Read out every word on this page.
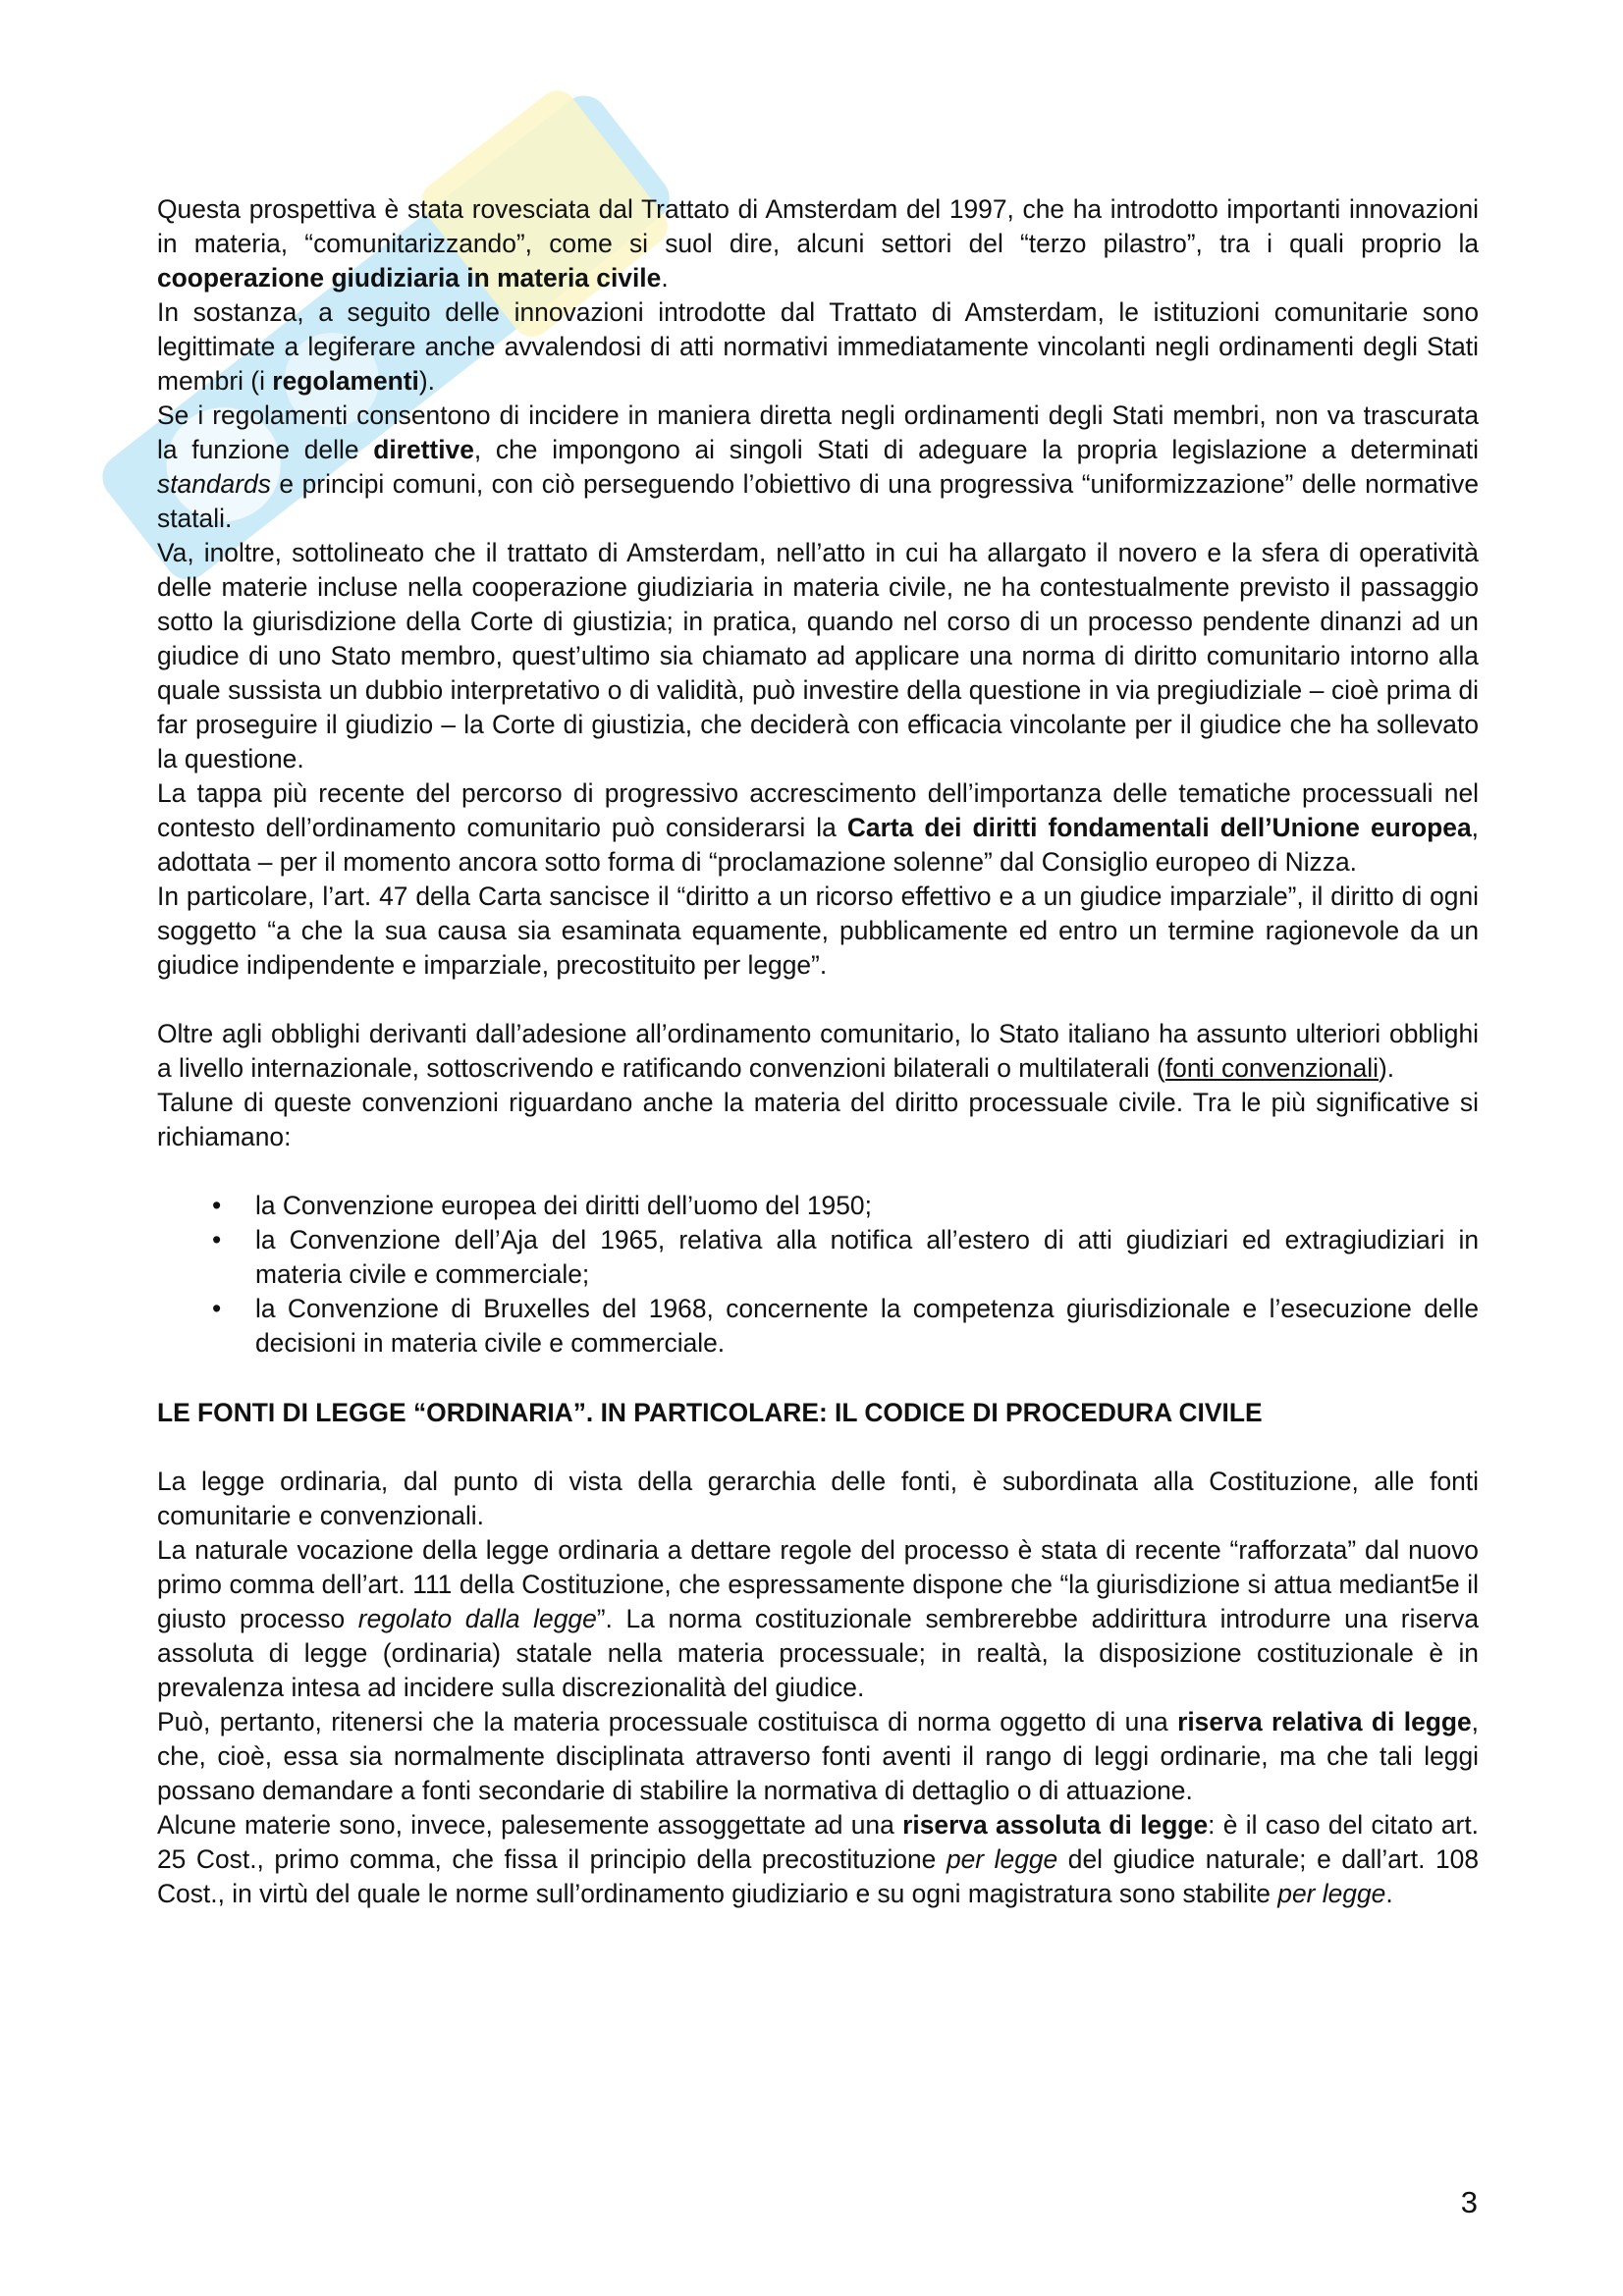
Questa prospettiva è stata rovesciata dal Trattato di Amsterdam del 1997, che ha introdotto importanti innovazioni in materia, “comunitarizzando”, come si suol dire, alcuni settori del “terzo pilastro”, tra i quali proprio la cooperazione giudiziaria in materia civile.

In sostanza, a seguito delle innovazioni introdotte dal Trattato di Amsterdam, le istituzioni comunitarie sono legittimate a legiferare anche avvalendosi di atti normativi immediatamente vincolanti negli ordinamenti degli Stati membri (i regolamenti).

Se i regolamenti consentono di incidere in maniera diretta negli ordinamenti degli Stati membri, non va trascurata la funzione delle direttive, che impongono ai singoli Stati di adeguare la propria legislazione a determinati standards e principi comuni, con ciò perseguendo l’obiettivo di una progressiva “uniformizzazione” delle normative statali.

Va, inoltre, sottolineato che il trattato di Amsterdam, nell’atto in cui ha allargato il novero e la sfera di operatività delle materie incluse nella cooperazione giudiziaria in materia civile, ne ha contestualmente previsto il passaggio sotto la giurisdizione della Corte di giustizia; in pratica, quando nel corso di un processo pendente dinanzi ad un giudice di uno Stato membro, quest’ultimo sia chiamato ad applicare una norma di diritto comunitario intorno alla quale sussista un dubbio interpretativo o di validità, può investire della questione in via pregiudiziale – cioè prima di far proseguire il giudizio – la Corte di giustizia, che deciderà con efficacia vincolante per il giudice che ha sollevato la questione.

La tappa più recente del percorso di progressivo accrescimento dell’importanza delle tematiche processuali nel contesto dell’ordinamento comunitario può considerarsi la Carta dei diritti fondamentali dell’Unione europea, adottata – per il momento ancora sotto forma di “proclamazione solenne” dal Consiglio europeo di Nizza.

In particolare, l’art. 47 della Carta sancisce il “diritto a un ricorso effettivo e a un giudice imparziale”, il diritto di ogni soggetto “a che la sua causa sia esaminata equamente, pubblicamente ed entro un termine ragionevole da un giudice indipendente e imparziale, precostituito per legge”.

Oltre agli obblighi derivanti dall’adesione all’ordinamento comunitario, lo Stato italiano ha assunto ulteriori obblighi a livello internazionale, sottoscrivendo e ratificando convenzioni bilaterali o multilaterali (fonti convenzionali).

Talune di queste convenzioni riguardano anche la materia del diritto processuale civile. Tra le più significative si richiamano:

• la Convenzione europea dei diritti dell’uomo del 1950;
• la Convenzione dell’Aja del 1965, relativa alla notifica all’estero di atti giudiziari ed extragiudiziari in materia civile e commerciale;
• la Convenzione di Bruxelles del 1968, concernente la competenza giurisdizionale e l’esecuzione delle decisioni in materia civile e commerciale.
LE FONTI DI LEGGE “ORDINARIA”. IN PARTICOLARE: IL CODICE DI PROCEDURA CIVILE

La legge ordinaria, dal punto di vista della gerarchia delle fonti, è subordinata alla Costituzione, alle fonti comunitarie e convenzionali.

La naturale vocazione della legge ordinaria a dettare regole del processo è stata di recente “rafforzata” dal nuovo primo comma dell’art. 111 della Costituzione, che espressamente dispone che “la giurisdizione si attua mediant5e il giusto processo regolato dalla legge”. La norma costituzionale sembrerebbe addirittura introdurre una riserva assoluta di legge (ordinaria) statale nella materia processuale; in realtà, la disposizione costituzionale è in prevalenza intesa ad incidere sulla discrezionalità del giudice.

Può, pertanto, ritenersi che la materia processuale costituisca di norma oggetto di una riserva relativa di legge, che, cioè, essa sia normalmente disciplinata attraverso fonti aventi il rango di leggi ordinarie, ma che tali leggi possano demandare a fonti secondarie di stabilire la normativa di dettaglio o di attuazione.

Alcune materie sono, invece, palesemente assoggettate ad una riserva assoluta di legge: è il caso del citato art. 25 Cost., primo comma, che fissa il principio della precostituzione per legge del giudice naturale; e dall’art. 108 Cost., in virtù del quale le norme sull’ordinamento giudiziario e su ogni magistratura sono stabilite per legge.

3
